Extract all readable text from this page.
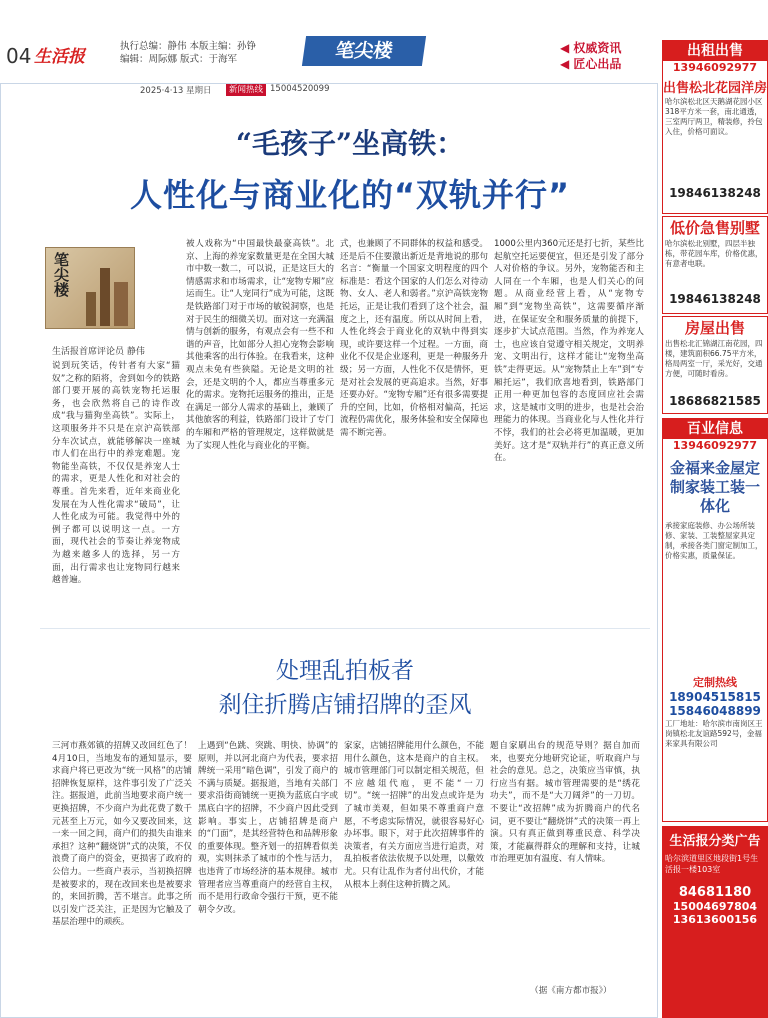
04 生活报
执行总编：静伟 本版主编：孙铮
编辑：周际娜 版式：于海军	笔尖楼	◀ 权威资讯
◀ 匠心出品
2025·4·13 星期日	新闻热线 15004520099
“毛孩子”坐高铁：
人性化与商业化的“双轨并行”
笔尖楼
生活报首席评论员 静伟
说到玩笑话，传针者有大家“猫奴”之称的陌将，舍到如今的铁路部门要开展的高铁宠物托运服务，也会欣然将自己的诗作改成“我与猫狗坐高铁”。实际上，这项服务并不只是在京沪高铁部分车次试点，就能够解决一座城市人们在出行中的养宠难题。宠物能坐高铁，不仅仅是养宠人士的需求，更是人性化和对社会的尊重。首先来看，近年来商业化发展在为人性化需求“破局”，让人性化成为可能。我觉得中外的例子都可以说明这一点。一方面，现代社会的节奏让养宠物成为越来越多人的选择，另一方面，出行需求也让宠物同行越来越普遍。
被人戏称为“中国最快最豪高铁”。北京、上海的养宠家数量更是在全国大城市中数一数二，可以说，正是这巨大的情感需求和市场需求，让“宠物专厢”应运而生。让“人宠同行”成为可能，这既是铁路部门对于市场的敏锐洞察，也是对于民生的细微关切。面对这一充满温情与创新的服务，有观点会有一些不和谐的声音，比如部分人担心宠物会影响其他乘客的出行体验。在我看来，这种观点未免有些狭隘。无论是文明的社会，还是文明的个人，都应当尊重多元化的需求。宠物托运服务的推出，正是在满足一部分人需求的基础上，兼顾了其他旅客的利益，铁路部门设计了专门的车厢和严格的管理规定，这样做就是为了实现人性化与商业化的平衡。
式，也兼顾了不同群体的权益和感受。还是后不住要激出新近是背地说的那句名言：“衡量一个国家文明程度的四个标准是：看这个国家的人们怎么对待动物、女人、老人和弱者。”京沪高铁宠物托运，正是让我们看到了这个社会，温度之上，还有温度。所以从时间上看，人性化终会于商业化的双轨中得到实现，或许要这样一个过程。一方面，商业化不仅是企业逐利，更是一种服务升级；另一方面，人性化不仅是情怀，更是对社会发展的更高追求。当然，好事还要办好。“宠物专厢”还有很多需要提升的空间，比如，价格相对偏高，托运流程仍需优化，服务体验和安全保障也需不断完善。
1000公里内360元还是打七折，某些比起航空托运要便宜，但还是引发了部分人对价格的争议。另外，宠物能否和主人同在一个车厢，也是人们关心的问题。从商业经营上看，从“宠物专厢”到“宠物坐高铁”，这需要循序渐进，在保证安全和服务质量的前提下，逐步扩大试点范围。当然，作为养宠人士，也应该自觉遵守相关规定，文明养宠、文明出行，这样才能让“宠物坐高铁”走得更远。从“宠物禁止上车”到“专厢托运”，我们欣喜地看到，铁路部门正用一种更加包容的态度回应社会需求，这是城市文明的进步，也是社会治理能力的体现。当商业化与人性化并行不悖，我们的社会必将更加温暖，更加美好。这才是“双轨并行”的真正意义所在。
处理乱拍板者
刹住折腾店铺招牌的歪风
三河市燕郊镇的招牌又改回红色了！4月10日，当地发布的通知显示，要求商户将已更改为“统一风格”的店铺招牌恢复原样，这件事引发了广泛关注。据报道，此前当地要求商户统一更换招牌，不少商户为此花费了数千元甚至上万元，如今又要改回来，这一来一回之间，商户们的损失由谁来承担？这种“翻烧饼”式的决策，不仅浪费了商户的资金，更损害了政府的公信力。一些商户表示，当初换招牌是被要求的，现在改回来也是被要求的，来回折腾，苦不堪言。此事之所以引发广泛关注，正是因为它触及了基层治理中的顽疾。
上遇到“色跳、突跳、明快、协调”的原则，并以河北商户为代表，要求招牌统一采用“暗色调”，引发了商户的不满与质疑。据报道，当地有关部门要求沿街商铺统一更换为蓝底白字或黑底白字的招牌，不少商户因此受到影响。事实上，店铺招牌是商户的“门面”，是其经营特色和品牌形象的重要体现。整齐划一的招牌看似美观，实则抹杀了城市的个性与活力，也违背了市场经济的基本规律。城市管理者应当尊重商户的经营自主权，而不是用行政命令强行干预，更不能朝令夕改。
家家，店铺招牌能用什么颜色，不能用什么颜色，这本是商户的自主权。城市管理部门可以制定相关规范，但不应越俎代庖，更不能“一刀切”。“统一招牌”的出发点或许是为了城市美观，但如果不尊重商户意愿，不考虑实际情况，就很容易好心办坏事。眼下，对于此次招牌事件的决策者，有关方面应当进行追责，对乱拍板者依法依规予以处理，以儆效尤。只有让乱作为者付出代价，才能从根本上刹住这种折腾之风。
题自家刷出台的规范导则？据自加而来，也要充分地研究论证，听取商户与社会的意见。总之，决策应当审慎，执行应当有据。城市管理需要的是“绣花功夫”，而不是“大刀阔斧”的一刀切。不要让“改招牌”成为折腾商户的代名词，更不要让“翻烧饼”式的决策一再上演。只有真正做到尊重民意、科学决策，才能赢得群众的理解和支持，让城市治理更加有温度、有人情味。
（据《南方都市报》）
出租出售
13946092977
出售松北花园洋房
哈尔滨松北区天鹅湖花园小区318平方米一套，南北通透，三室两厅两卫，精装修，拎包入住，价格可面议。
19846138248
低价急售别墅
哈尔滨松北别墅，四层半独栋，带花园车库，价格优惠，有意者电联。
19846138248
房屋出售
出售松北汇锦湖江南花园，四楼，建筑面积66.75平方米，格局两室一厅，采光好，交通方便，可随时看房。
18686821585
百业信息
13946092977
金福来金屋定制家装工装一体化
承接家庭装修、办公场所装修、家装、工装整屋家具定制，承接各类门窗定制加工，价格实惠，质量保证。
定制热线
18904515815
15846048899
工厂地址：哈尔滨市南岗区王岗镇松北友谊路592号，金福来家具有限公司
生活报分类广告
哈尔滨道里区地段街1号生活报一楼103室
84681180
15004697804
13613600156
